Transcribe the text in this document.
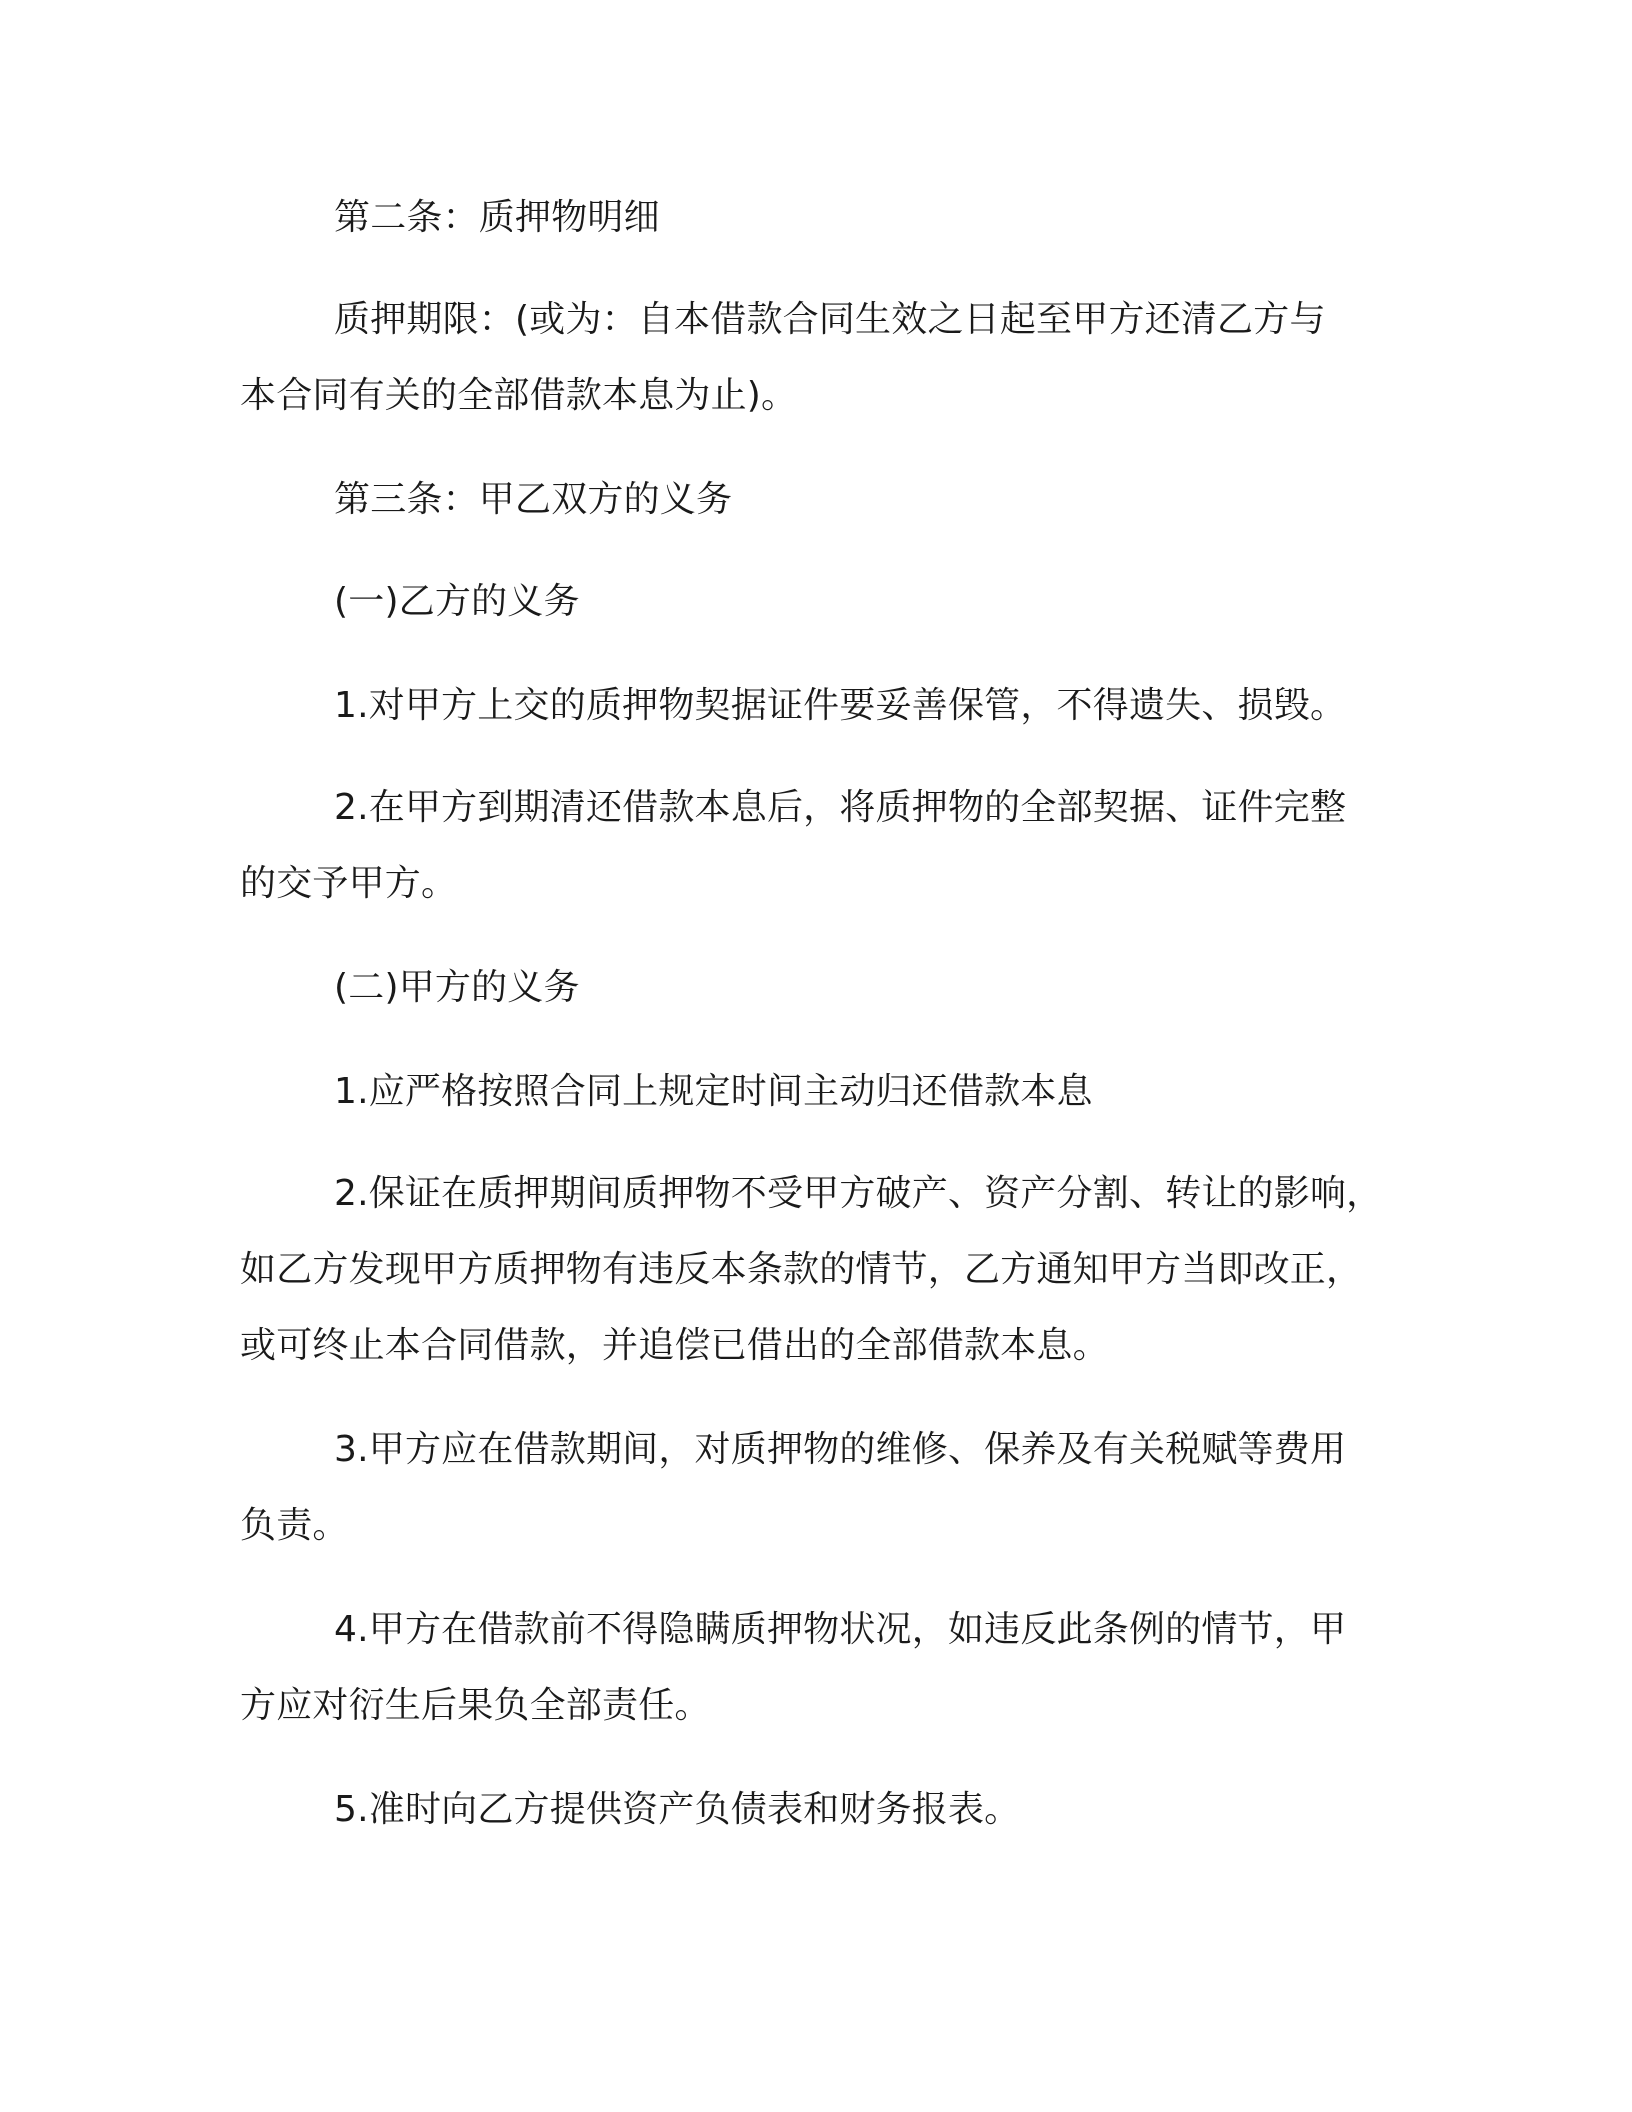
第二条：质押物明细

质押期限：(或为：自本借款合同生效之日起至甲方还清乙方与

本合同有关的全部借款本息为止)。

第三条：甲乙双方的义务

(一)乙方的义务

1.对甲方上交的质押物契据证件要妥善保管，不得遗失、损毁。

2.在甲方到期清还借款本息后，将质押物的全部契据、证件完整

的交予甲方。

(二)甲方的义务

1.应严格按照合同上规定时间主动归还借款本息

2.保证在质押期间质押物不受甲方破产、资产分割、转让的影响，

如乙方发现甲方质押物有违反本条款的情节，乙方通知甲方当即改正，

或可终止本合同借款，并追偿已借出的全部借款本息。

3.甲方应在借款期间，对质押物的维修、保养及有关税赋等费用

负责。

4.甲方在借款前不得隐瞒质押物状况，如违反此条例的情节，甲

方应对衍生后果负全部责任。

5.准时向乙方提供资产负债表和财务报表。
